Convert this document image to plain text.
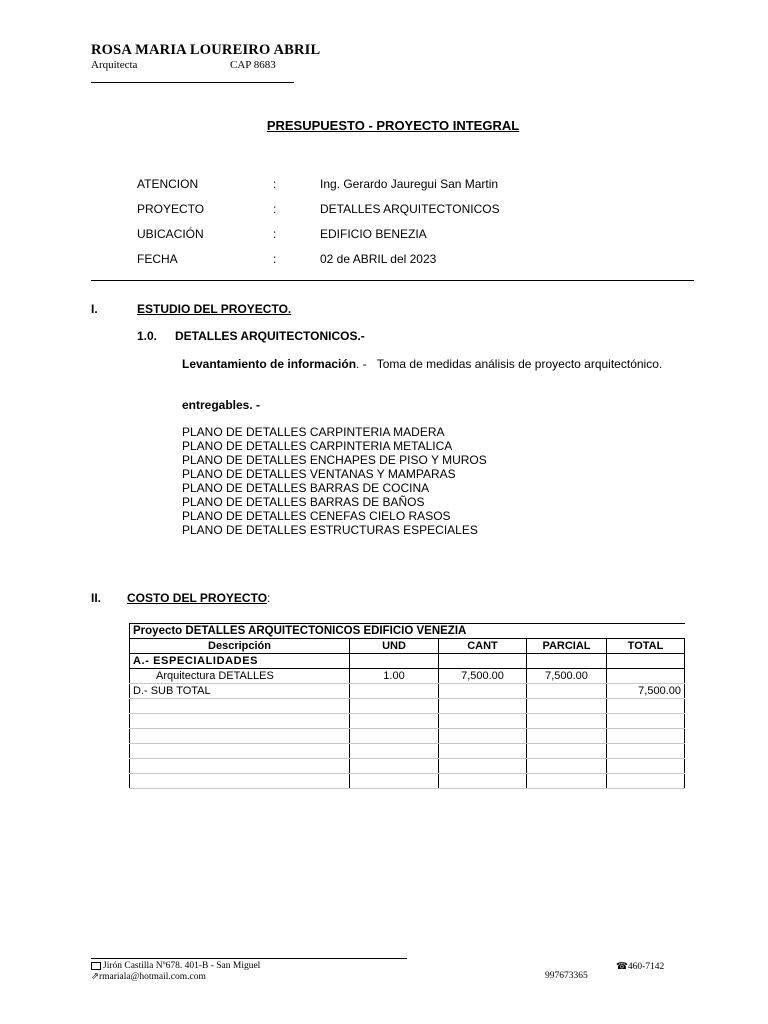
ROSA MARIA LOUREIRO ABRIL
Arquitecta	CAP 8683
PRESUPUESTO - PROYECTO INTEGRAL
ATENCION	:	Ing. Gerardo Jauregui San Martin
PROYECTO	:	DETALLES ARQUITECTONICOS
UBICACIÓN	:	EDIFICIO BENEZIA
FECHA	:	02 de ABRIL del 2023
I.	ESTUDIO DEL PROYECTO.
1.0. DETALLES ARQUITECTONICOS.-
Levantamiento de información. - Toma de medidas análisis de proyecto arquitectónico.
entregables. -
PLANO DE DETALLES CARPINTERIA MADERA
PLANO DE DETALLES CARPINTERIA METALICA
PLANO DE DETALLES ENCHAPES DE PISO Y MUROS
PLANO DE DETALLES VENTANAS Y MAMPARAS
PLANO DE DETALLES BARRAS DE COCINA
PLANO DE DETALLES BARRAS DE BAÑOS
PLANO DE DETALLES CENEFAS CIELO RASOS
PLANO DE DETALLES ESTRUCTURAS ESPECIALES
II. COSTO DEL PROYECTO:
Proyecto DETALLES ARQUITECTONICOS EDIFICIO VENEZIA				
Descripción	UND	CANT	PARCIAL	TOTAL
A.- ESPECIALIDADES				
Arquitectura DETALLES	1.00	7,500.00	7,500.00	
D.- SUB TOTAL				7,500.00

Jirón Castilla Nº678. 401-B - San Miguel	☎460-7142
⇗rmariala@hotmail.com.com	997673365
